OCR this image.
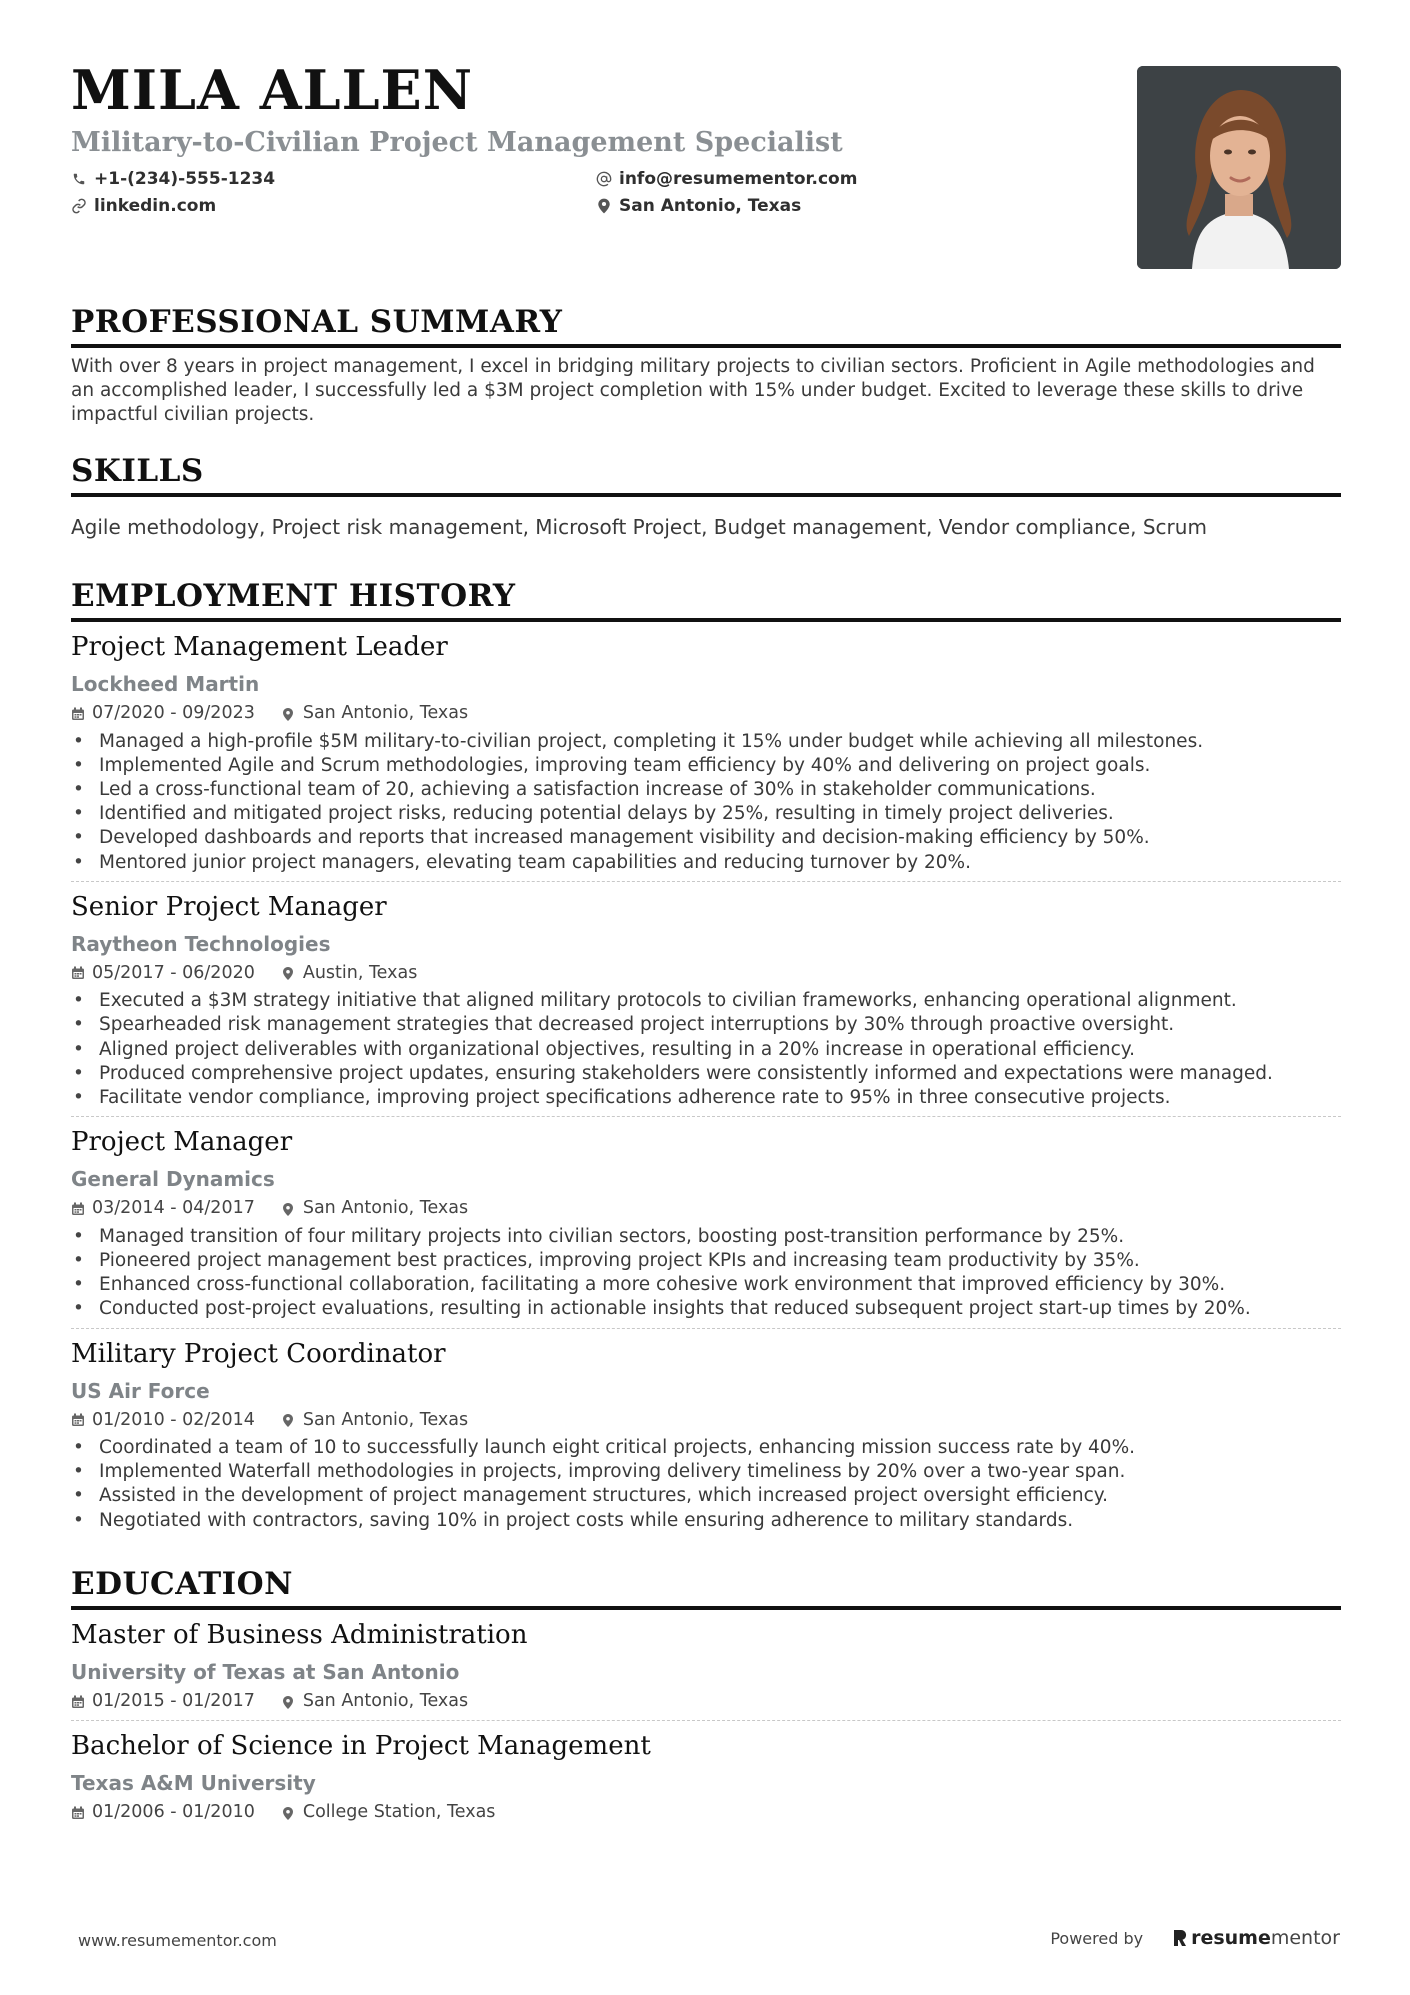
MILA ALLEN
Military-to-Civilian Project Management Specialist
+1-(234)-555-1234	info@resumementor.com
linkedin.com	San Antonio, Texas
PROFESSIONAL SUMMARY
With over 8 years in project management, I excel in bridging military projects to civilian sectors. Proficient in Agile methodologies and an accomplished leader, I successfully led a $3M project completion with 15% under budget. Excited to leverage these skills to drive impactful civilian projects.
SKILLS
Agile methodology, Project risk management, Microsoft Project, Budget management, Vendor compliance, Scrum
EMPLOYMENT HISTORY
Project Management Leader
Lockheed Martin
07/2020 - 09/2023	San Antonio, Texas
• Managed a high-profile $5M military-to-civilian project, completing it 15% under budget while achieving all milestones.
• Implemented Agile and Scrum methodologies, improving team efficiency by 40% and delivering on project goals.
• Led a cross-functional team of 20, achieving a satisfaction increase of 30% in stakeholder communications.
• Identified and mitigated project risks, reducing potential delays by 25%, resulting in timely project deliveries.
• Developed dashboards and reports that increased management visibility and decision-making efficiency by 50%.
• Mentored junior project managers, elevating team capabilities and reducing turnover by 20%.
Senior Project Manager
Raytheon Technologies
05/2017 - 06/2020	Austin, Texas
• Executed a $3M strategy initiative that aligned military protocols to civilian frameworks, enhancing operational alignment.
• Spearheaded risk management strategies that decreased project interruptions by 30% through proactive oversight.
• Aligned project deliverables with organizational objectives, resulting in a 20% increase in operational efficiency.
• Produced comprehensive project updates, ensuring stakeholders were consistently informed and expectations were managed.
• Facilitate vendor compliance, improving project specifications adherence rate to 95% in three consecutive projects.
Project Manager
General Dynamics
03/2014 - 04/2017	San Antonio, Texas
• Managed transition of four military projects into civilian sectors, boosting post-transition performance by 25%.
• Pioneered project management best practices, improving project KPIs and increasing team productivity by 35%.
• Enhanced cross-functional collaboration, facilitating a more cohesive work environment that improved efficiency by 30%.
• Conducted post-project evaluations, resulting in actionable insights that reduced subsequent project start-up times by 20%.
Military Project Coordinator
US Air Force
01/2010 - 02/2014	San Antonio, Texas
• Coordinated a team of 10 to successfully launch eight critical projects, enhancing mission success rate by 40%.
• Implemented Waterfall methodologies in projects, improving delivery timeliness by 20% over a two-year span.
• Assisted in the development of project management structures, which increased project oversight efficiency.
• Negotiated with contractors, saving 10% in project costs while ensuring adherence to military standards.
EDUCATION
Master of Business Administration
University of Texas at San Antonio
01/2015 - 01/2017	San Antonio, Texas
Bachelor of Science in Project Management
Texas A&M University
01/2006 - 01/2010	College Station, Texas
www.resumementor.com	Powered by	resume mentor
